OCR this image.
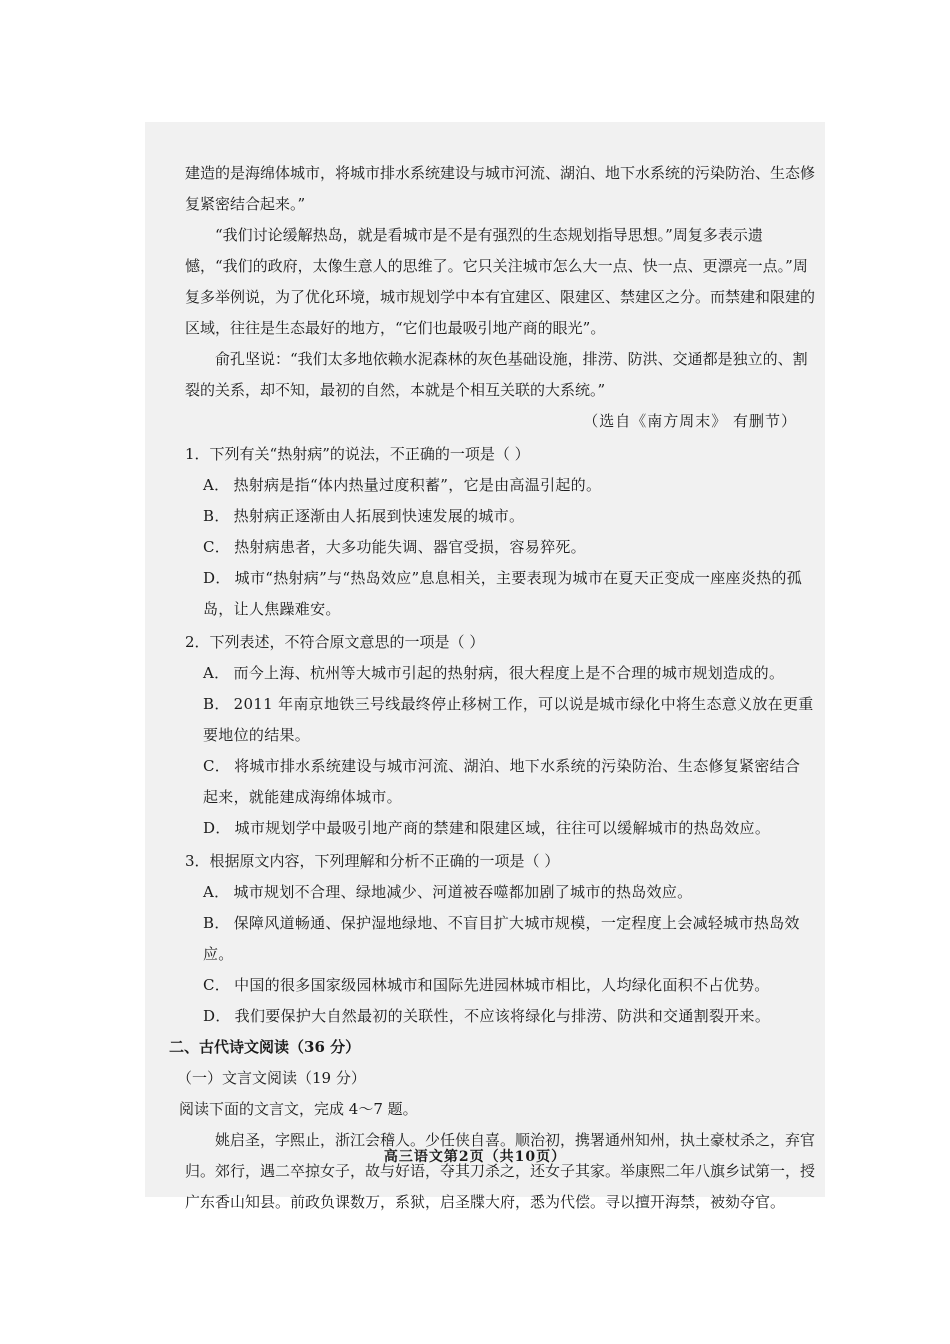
建造的是海绵体城市，将城市排水系统建设与城市河流、湖泊、地下水系统的污染防治、生态修复紧密结合起来。”

“我们讨论缓解热岛，就是看城市是不是有强烈的生态规划指导思想。”周复多表示遗憾，“我们的政府，太像生意人的思维了。它只关注城市怎么大一点、快一点、更漂亮一点。”周复多举例说，为了优化环境，城市规划学中本有宜建区、限建区、禁建区之分。而禁建和限建的区域，往往是生态最好的地方，“它们也最吸引地产商的眼光”。

俞孔坚说：“我们太多地依赖水泥森林的灰色基础设施，排涝、防洪、交通都是独立的、割裂的关系，却不知，最初的自然，本就是个相互关联的大系统。”

（选自《南方周末》 有删节）

1．下列有关“热射病”的说法，不正确的一项是（ ）

A． 热射病是指“体内热量过度积蓄”，它是由高温引起的。

B． 热射病正逐渐由人拓展到快速发展的城市。

C． 热射病患者，大多功能失调、器官受损，容易猝死。

D． 城市“热射病”与“热岛效应”息息相关，主要表现为城市在夏天正变成一座座炎热的孤岛，让人焦躁难安。

2．下列表述，不符合原文意思的一项是（ ）

A． 而今上海、杭州等大城市引起的热射病，很大程度上是不合理的城市规划造成的。

B． 2011 年南京地铁三号线最终停止移树工作，可以说是城市绿化中将生态意义放在更重要地位的结果。

C． 将城市排水系统建设与城市河流、湖泊、地下水系统的污染防治、生态修复紧密结合起来，就能建成海绵体城市。

D． 城市规划学中最吸引地产商的禁建和限建区域，往往可以缓解城市的热岛效应。

3．根据原文内容，下列理解和分析不正确的一项是（ ）

A． 城市规划不合理、绿地减少、河道被吞噬都加剧了城市的热岛效应。

B． 保障风道畅通、保护湿地绿地、不盲目扩大城市规模，一定程度上会减轻城市热岛效应。

C． 中国的很多国家级园林城市和国际先进园林城市相比，人均绿化面积不占优势。

D． 我们要保护大自然最初的关联性，不应该将绿化与排涝、防洪和交通割裂开来。

二、古代诗文阅读（36 分）

（一）文言文阅读（19 分）

阅读下面的文言文，完成 4～7 题。

姚启圣，字熙止，浙江会稽人。少任侠自喜。顺治初，携署通州知州，执土豪杖杀之，弃官归。郊行，遇二卒掠女子，故与好语，夺其刀杀之，还女子其家。举康熙二年八旗乡试第一，授广东香山知县。前政负课数万，系狱，启圣牒大府，悉为代偿。寻以擅开海禁，被劾夺官。

高三语文第2页（共10页）
